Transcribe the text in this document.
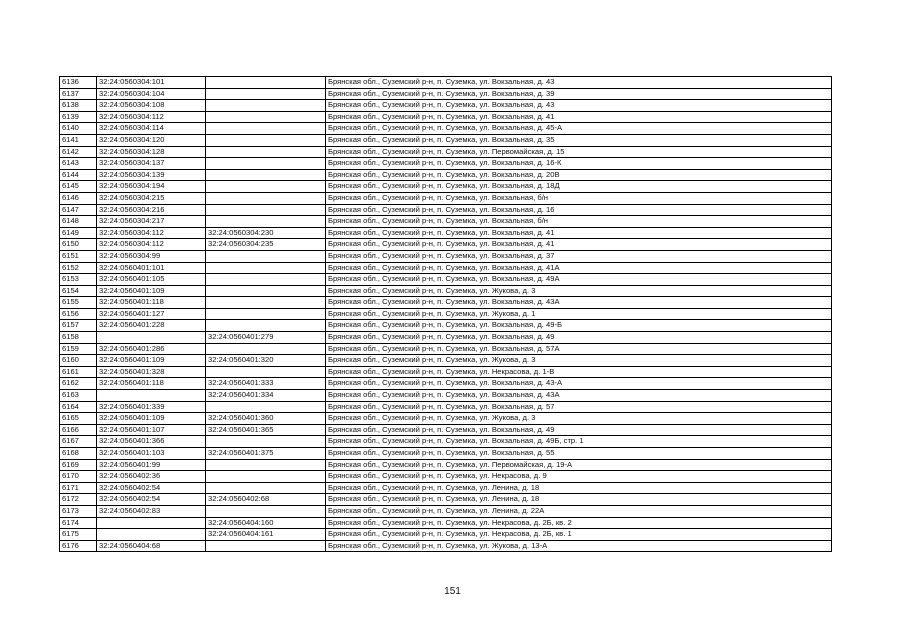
6136	32:24:0560304:101		Брянская обл., Суземский р-н, п. Суземка, ул. Вокзальная, д. 43
6137	32:24:0560304:104		Брянская обл., Суземский р-н, п. Суземка, ул. Вокзальная, д. 39
6138	32:24:0560304:108		Брянская обл., Суземский р-н, п. Суземка, ул. Вокзальная, д. 43
6139	32:24:0560304:112		Брянская обл., Суземский р-н, п. Суземка, ул. Вокзальная, д. 41
6140	32:24:0560304:114		Брянская обл., Суземский р-н, п. Суземка, ул. Вокзальная, д. 45-А
6141	32:24:0560304:120		Брянская обл., Суземский р-н, п. Суземка, ул. Вокзальная, д. 35
6142	32:24:0560304:128		Брянская обл., Суземский р-н, п. Суземка, ул. Первомайская, д. 15
6143	32:24:0560304:137		Брянская обл., Суземский р-н, п. Суземка, ул. Вокзальная, д. 16-К
6144	32:24:0560304:139		Брянская обл., Суземский р-н, п. Суземка, ул. Вокзальная, д. 20В
6145	32:24:0560304:194		Брянская обл., Суземский р-н, п. Суземка, ул. Вокзальная, д. 18Д
6146	32:24:0560304:215		Брянская обл., Суземский р-н, п. Суземка, ул. Вокзальная, б/н
6147	32:24:0560304:216		Брянская обл., Суземский р-н, п. Суземка, ул. Вокзальная, д. 16
6148	32:24:0560304:217		Брянская обл., Суземский р-н, п. Суземка, ул. Вокзальная, б/н
6149	32:24:0560304:112	32:24:0560304:230	Брянская обл., Суземский р-н, п. Суземка, ул. Вокзальная, д. 41
6150	32:24:0560304:112	32:24:0560304:235	Брянская обл., Суземский р-н, п. Суземка, ул. Вокзальная, д. 41
6151	32:24:0560304:99		Брянская обл., Суземский р-н, п. Суземка, ул. Вокзальная, д. 37
6152	32:24:0560401:101		Брянская обл., Суземский р-н, п. Суземка, ул. Вокзальная, д. 41А
6153	32:24:0560401:105		Брянская обл., Суземский р-н, п. Суземка, ул. Вокзальная, д. 49А
6154	32:24:0560401:109		Брянская обл., Суземский р-н, п. Суземка, ул. Жукова, д. 3
6155	32:24:0560401:118		Брянская обл., Суземский р-н, п. Суземка, ул. Вокзальная, д. 43А
6156	32:24:0560401:127		Брянская обл., Суземский р-н, п. Суземка, ул. Жукова, д. 1
6157	32:24:0560401:228		Брянская обл., Суземский р-н, п. Суземка, ул. Вокзальная, д. 49-Б
6158		32:24:0560401:279	Брянская обл., Суземский р-н, п. Суземка, ул. Вокзальная, д. 49
6159	32:24:0560401:286		Брянская обл., Суземский р-н, п. Суземка, ул. Вокзальная, д. 57А
6160	32:24:0560401:109	32:24:0560401:320	Брянская обл., Суземский р-н, п. Суземка, ул. Жукова, д. 3
6161	32:24:0560401:328		Брянская обл., Суземский р-н, п. Суземка, ул. Некрасова, д. 1-В
6162	32:24:0560401:118	32:24:0560401:333	Брянская обл., Суземский р-н, п. Суземка, ул. Вокзальная, д. 43-А
6163		32:24:0560401:334	Брянская обл., Суземский р-н, п. Суземка, ул. Вокзальная, д. 43А
6164	32:24:0560401:339		Брянская обл., Суземский р-н, п. Суземка, ул. Вокзальная, д. 57
6165	32:24:0560401:109	32:24:0560401:360	Брянская обл., Суземский р-н, п. Суземка, ул. Жукова, д. 3
6166	32:24:0560401:107	32:24:0560401:365	Брянская обл., Суземский р-н, п. Суземка, ул. Вокзальная, д. 49
6167	32:24:0560401:366		Брянская обл., Суземский р-н, п. Суземка, ул. Вокзальная, д. 49Б, стр. 1
6168	32:24:0560401:103	32:24:0560401:375	Брянская обл., Суземский р-н, п. Суземка, ул. Вокзальная, д. 55
6169	32:24:0560401:99		Брянская обл., Суземский р-н, п. Суземка, ул. Первомайская, д. 19-А
6170	32:24:0560402:36		Брянская обл., Суземский р-н, п. Суземка, ул. Некрасова, д. 9
6171	32:24:0560402:54		Брянская обл., Суземский р-н, п. Суземка, ул. Ленина, д. 18
6172	32:24:0560402:54	32:24:0560402:68	Брянская обл., Суземский р-н, п. Суземка, ул. Ленина, д. 18
6173	32:24:0560402:83		Брянская обл., Суземский р-н, п. Суземка, ул. Ленина, д. 22А
6174		32:24:0560404:160	Брянская обл., Суземский р-н, п. Суземка, ул. Некрасова, д. 2Б, кв. 2
6175		32:24:0560404:161	Брянская обл., Суземский р-н, п. Суземка, ул. Некрасова, д. 2Б, кв. 1
6176	32:24:0560404:68		Брянская обл., Суземский р-н, п. Суземка, ул. Жукова, д. 13-А
151
